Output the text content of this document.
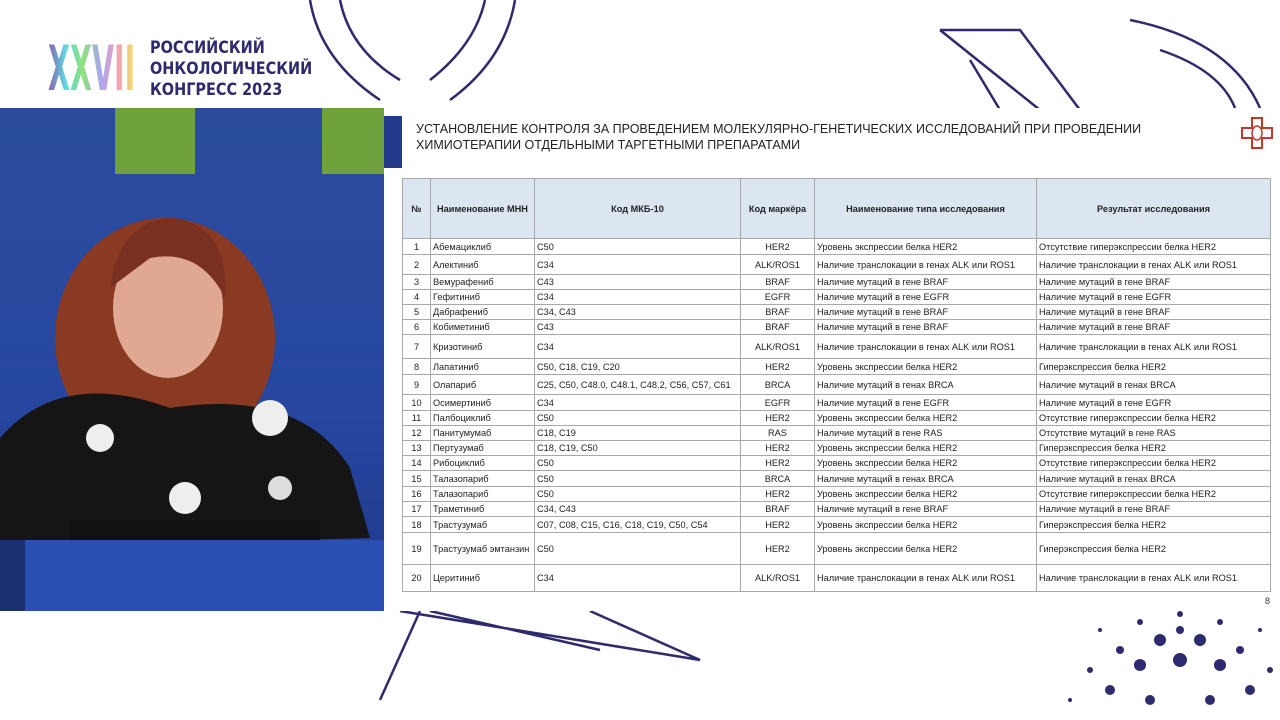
XXVII РОССИЙСКИЙ
ОНКОЛОГИЧЕСКИЙ
КОНГРЕСС 2023
УСТАНОВЛЕНИЕ КОНТРОЛЯ ЗА ПРОВЕДЕНИЕМ МОЛЕКУЛЯРНО-ГЕНЕТИЧЕСКИХ ИССЛЕДОВАНИЙ ПРИ ПРОВЕДЕНИИ
ХИМИОТЕРАПИИ ОТДЕЛЬНЫМИ ТАРГЕТНЫМИ ПРЕПАРАТАМИ
№	Наименование МНН	Код МКБ-10	Код маркёра	Наименование типа исследования	Результат исследования
1	Абемациклиб	C50	HER2	Уровень экспрессии белка HER2	Отсутствие гиперэкспрессии белка HER2
2	Алектиниб	C34	ALK/ROS1	Наличие транслокации в генах ALK или ROS1	Наличие транслокации в генах ALK или ROS1
3	Вемурафениб	C43	BRAF	Наличие мутаций в гене BRAF	Наличие мутаций в гене BRAF
4	Гефитиниб	C34	EGFR	Наличие мутаций в гене EGFR	Наличие мутаций в гене EGFR
5	Дабрафениб	C34, C43	BRAF	Наличие мутаций в гене BRAF	Наличие мутаций в гене BRAF
6	Кобиметиниб	C43	BRAF	Наличие мутаций в гене BRAF	Наличие мутаций в гене BRAF
7	Кризотиниб	C34	ALK/ROS1	Наличие транслокации в генах ALK или ROS1	Наличие транслокации в генах ALK или ROS1
8	Лапатиниб	C50, C18, C19, C20	HER2	Уровень экспрессии белка HER2	Гиперэкспрессия белка HER2
9	Олапариб	C25, C50, C48.0, C48.1, C48.2, C56, C57, C61	BRCA	Наличие мутаций в генах BRCA	Наличие мутаций в генах BRCA
10	Осимертиниб	C34	EGFR	Наличие мутаций в гене EGFR	Наличие мутаций в гене EGFR
11	Палбоциклиб	C50	HER2	Уровень экспрессии белка HER2	Отсутствие гиперэкспрессии белка HER2
12	Панитумумаб	C18, C19	RAS	Наличие мутаций в гене RAS	Отсутствие мутаций в гене RAS
13	Пертузумаб	C18, C19, C50	HER2	Уровень экспрессии белка HER2	Гиперэкспрессия белка HER2
14	Рибоциклиб	C50	HER2	Уровень экспрессии белка HER2	Отсутствие гиперэкспрессии белка HER2
15	Талазопариб	C50	BRCA	Наличие мутаций в генах BRCA	Наличие мутаций в генах BRCA
16	Талазопариб	C50	HER2	Уровень экспрессии белка HER2	Отсутствие гиперэкспрессии белка HER2
17	Траметиниб	C34, C43	BRAF	Наличие мутаций в гене BRAF	Наличие мутаций в гене BRAF
18	Трастузумаб	C07, C08, C15, C16, C18, C19, C50, C54	HER2	Уровень экспрессии белка HER2	Гиперэкспрессия белка HER2
19	Трастузумаб эмтанзин	C50	HER2	Уровень экспрессии белка HER2	Гиперэкспрессия белка HER2
20	Церитиниб	C34	ALK/ROS1	Наличие транслокации в генах ALK или ROS1	Наличие транслокации в генах ALK или ROS1
8
